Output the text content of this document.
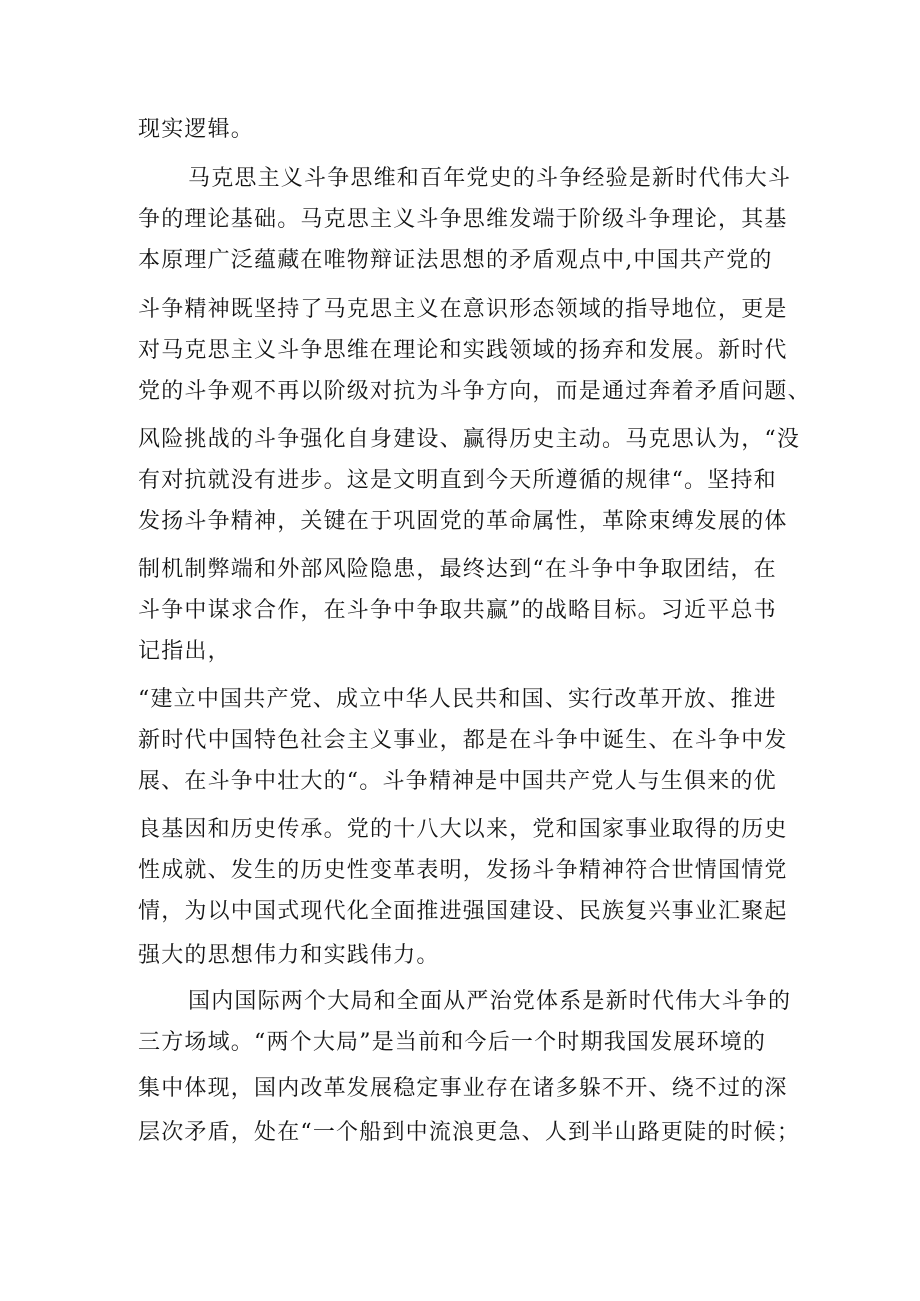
现实逻辑。
马克思主义斗争思维和百年党史的斗争经验是新时代伟大斗
争的理论基础。马克思主义斗争思维发端于阶级斗争理论，其基
本原理广泛蕴藏在唯物辩证法思想的矛盾观点中,中国共产党的
斗争精神既坚持了马克思主义在意识形态领域的指导地位，更是
对马克思主义斗争思维在理论和实践领域的扬弃和发展。新时代
党的斗争观不再以阶级对抗为斗争方向，而是通过奔着矛盾问题、
风险挑战的斗争强化自身建设、赢得历史主动。马克思认为，“没
有对抗就没有进步。这是文明直到今天所遵循的规律“。坚持和
发扬斗争精神，关键在于巩固党的革命属性，革除束缚发展的体
制机制弊端和外部风险隐患，最终达到“在斗争中争取团结，在
斗争中谋求合作，在斗争中争取共赢”的战略目标。习近平总书
记指出，
“建立中国共产党、成立中华人民共和国、实行改革开放、推进
新时代中国特色社会主义事业，都是在斗争中诞生、在斗争中发
展、在斗争中壮大的“。斗争精神是中国共产党人与生俱来的优
良基因和历史传承。党的十八大以来，党和国家事业取得的历史
性成就、发生的历史性变革表明，发扬斗争精神符合世情国情党
情，为以中国式现代化全面推进强国建设、民族复兴事业汇聚起
强大的思想伟力和实践伟力。
国内国际两个大局和全面从严治党体系是新时代伟大斗争的
三方场域。“两个大局”是当前和今后一个时期我国发展环境的
集中体现，国内改革发展稳定事业存在诸多躲不开、绕不过的深
层次矛盾，处在“一个船到中流浪更急、人到半山路更陡的时候；
